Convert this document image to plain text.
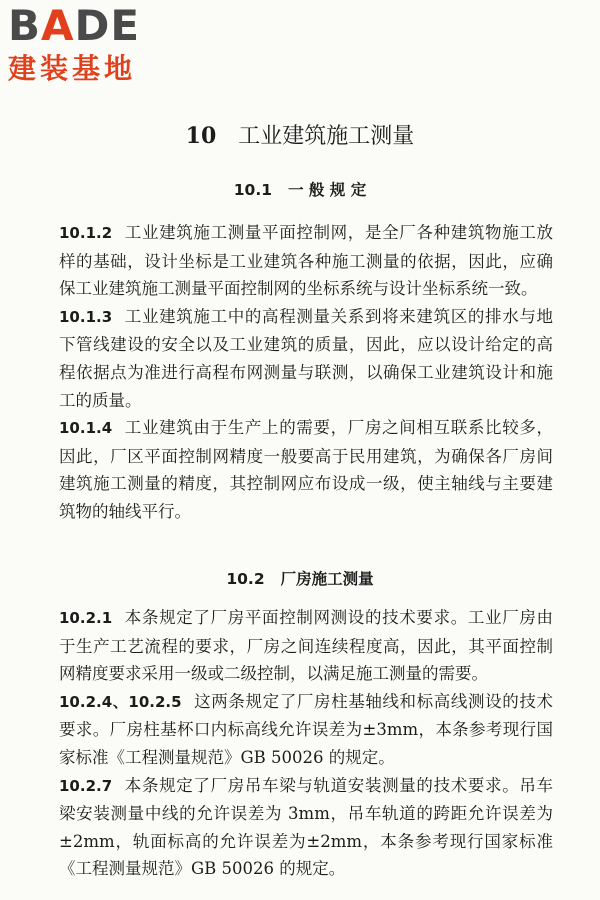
B A DE
建装基地
10 工业建筑施工测量
10.1 一 般 规 定

10.1.2 工业建筑施工测量平面控制网，是全厂各种建筑物施工放样的基础，设计坐标是工业建筑各种施工测量的依据，因此，应确保工业建筑施工测量平面控制网的坐标系统与设计坐标系统一致。

10.1.3 工业建筑施工中的高程测量关系到将来建筑区的排水与地下管线建设的安全以及工业建筑的质量，因此，应以设计给定的高程依据点为准进行高程布网测量与联测，以确保工业建筑设计和施工的质量。

10.1.4 工业建筑由于生产上的需要，厂房之间相互联系比较多，因此，厂区平面控制网精度一般要高于民用建筑，为确保各厂房间建筑施工测量的精度，其控制网应布设成一级，使主轴线与主要建筑物的轴线平行。

10.2 厂房施工测量

10.2.1 本条规定了厂房平面控制网测设的技术要求。工业厂房由于生产工艺流程的要求，厂房之间连续程度高，因此，其平面控制网精度要求采用一级或二级控制，以满足施工测量的需要。

10.2.4、10.2.5 这两条规定了厂房柱基轴线和标高线测设的技术要求。厂房柱基杯口内标高线允许误差为±3mm，本条参考现行国家标准《工程测量规范》GB 50026 的规定。

10.2.7 本条规定了厂房吊车梁与轨道安装测量的技术要求。吊车梁安装测量中线的允许误差为 3mm，吊车轨道的跨距允许误差为±2mm，轨面标高的允许误差为±2mm，本条参考现行国家标准《工程测量规范》GB 50026 的规定。
